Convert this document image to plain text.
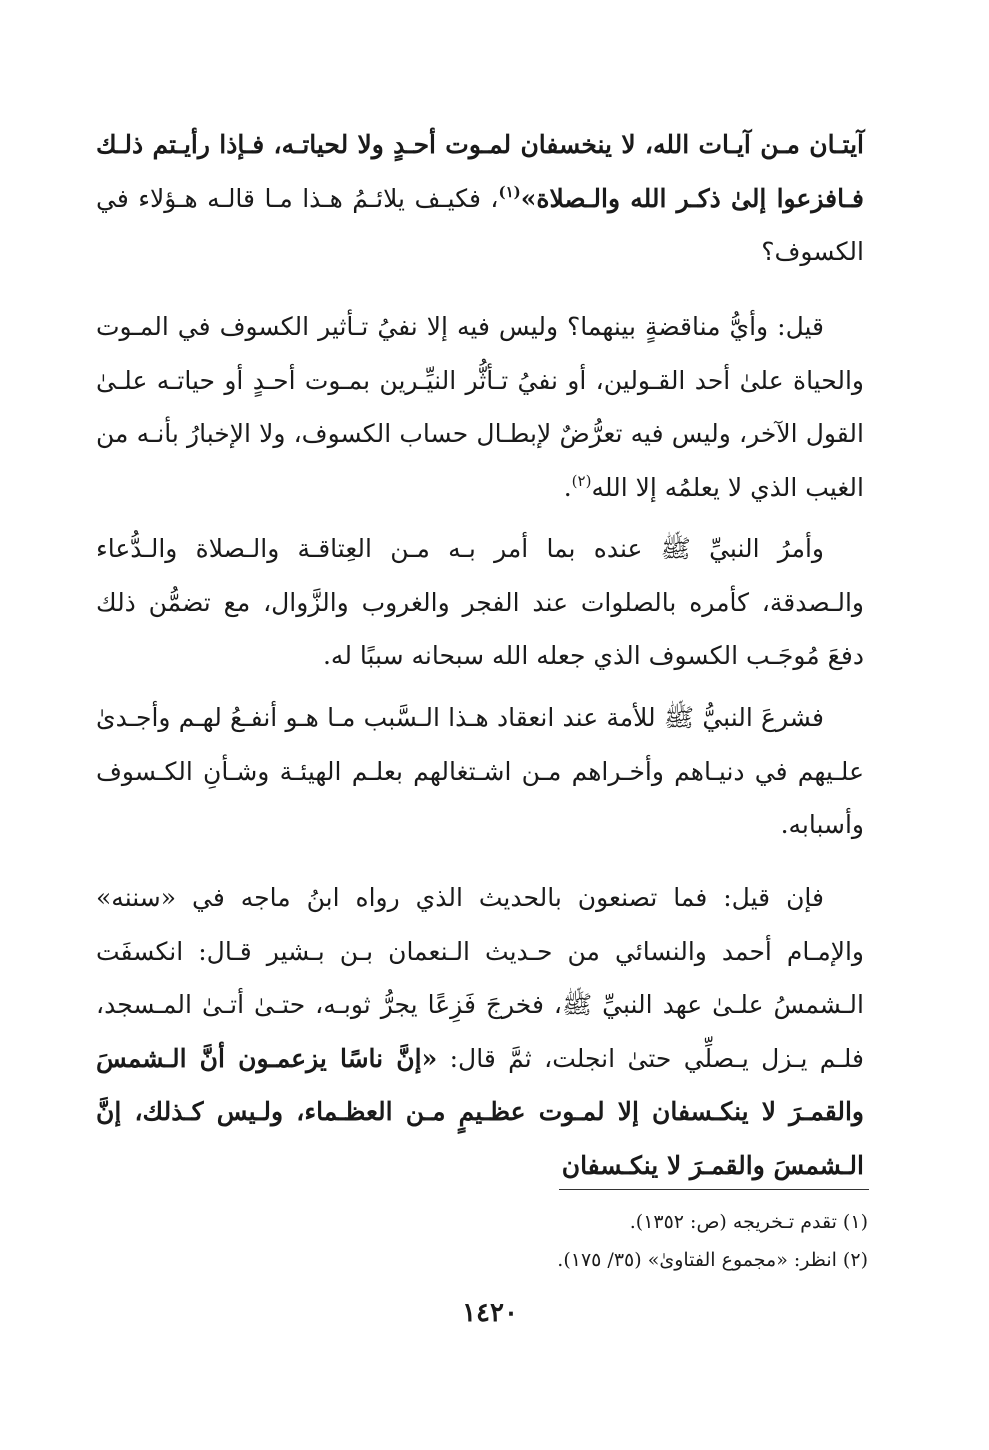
آيتـان مـن آيـات الله، لا ينخسفان لمـوت أحـدٍ ولا لحياتـه، فـإذا رأيـتم ذلـك فـافزعوا إلىٰ ذكـر الله والـصلاة»$^{(١)}$، فكيـف يلائـمُ هـذا مـا قالـه هـؤلاء في الكسوف؟

قيل: وأيُّ مناقضةٍ بينهما؟ وليس فيه إلا نفيُ تـأثير الكسوف في المـوت والحياة علىٰ أحد القـولين، أو نفيُ تـأثُّر النيِّـرين بمـوت أحـدٍ أو حياتـه علـىٰ القول الآخر، وليس فيه تعرُّضٌ لإبطـال حساب الكسوف، ولا الإخبارُ بأنـه من الغيب الذي لا يعلمُه إلا الله$^{(٢)}$.

وأمرُ النبيِّ ﷺ عنده بما أمر بـه مـن العِتاقـة والـصلاة والـدُّعاء والـصدقة، كأمره بالصلوات عند الفجر والغروب والزَّوال، مع تضمُّن ذلك دفعَ مُوجَـب الكسوف الذي جعله الله سبحانه سببًا له.

فشرعَ النبيُّ ﷺ للأمة عند انعقاد هـذا الـسَّبب مـا هـو أنفـعُ لهـم وأجـدىٰ علـيهم في دنيـاهم وأخـراهم مـن اشـتغالهم بعلـم الهيئـة وشـأنِ الكـسوف وأسبابه.

فإن قيل: فما تصنعون بالحديث الذي رواه ابنُ ماجه في «سننه» والإمـام أحمد والنسائي من حـديث الـنعمان بـن بـشير قـال: انكسفَت الـشمسُ علـىٰ عهد النبيِّ ﷺ، فخرجَ فَزِعًا يجرُّ ثوبـه، حتـىٰ أتـىٰ المـسجد، فلـم يـزل يـصلِّي حتىٰ انجلت، ثمَّ قال: «إنَّ ناسًا يزعمـون أنَّ الـشمسَ والقمـرَ لا ينكـسفان إلا لمـوت عظـيمٍ مـن العظـماء، ولـيس كـذلك، إنَّ الـشمسَ والقمـرَ لا ينكـسفان

(١) تقدم تـخريجه (ص: ١٣٥٢).

(٢) انظر: «مجموع الفتاوىٰ» (٣٥/ ١٧٥).

١٤٢٠
